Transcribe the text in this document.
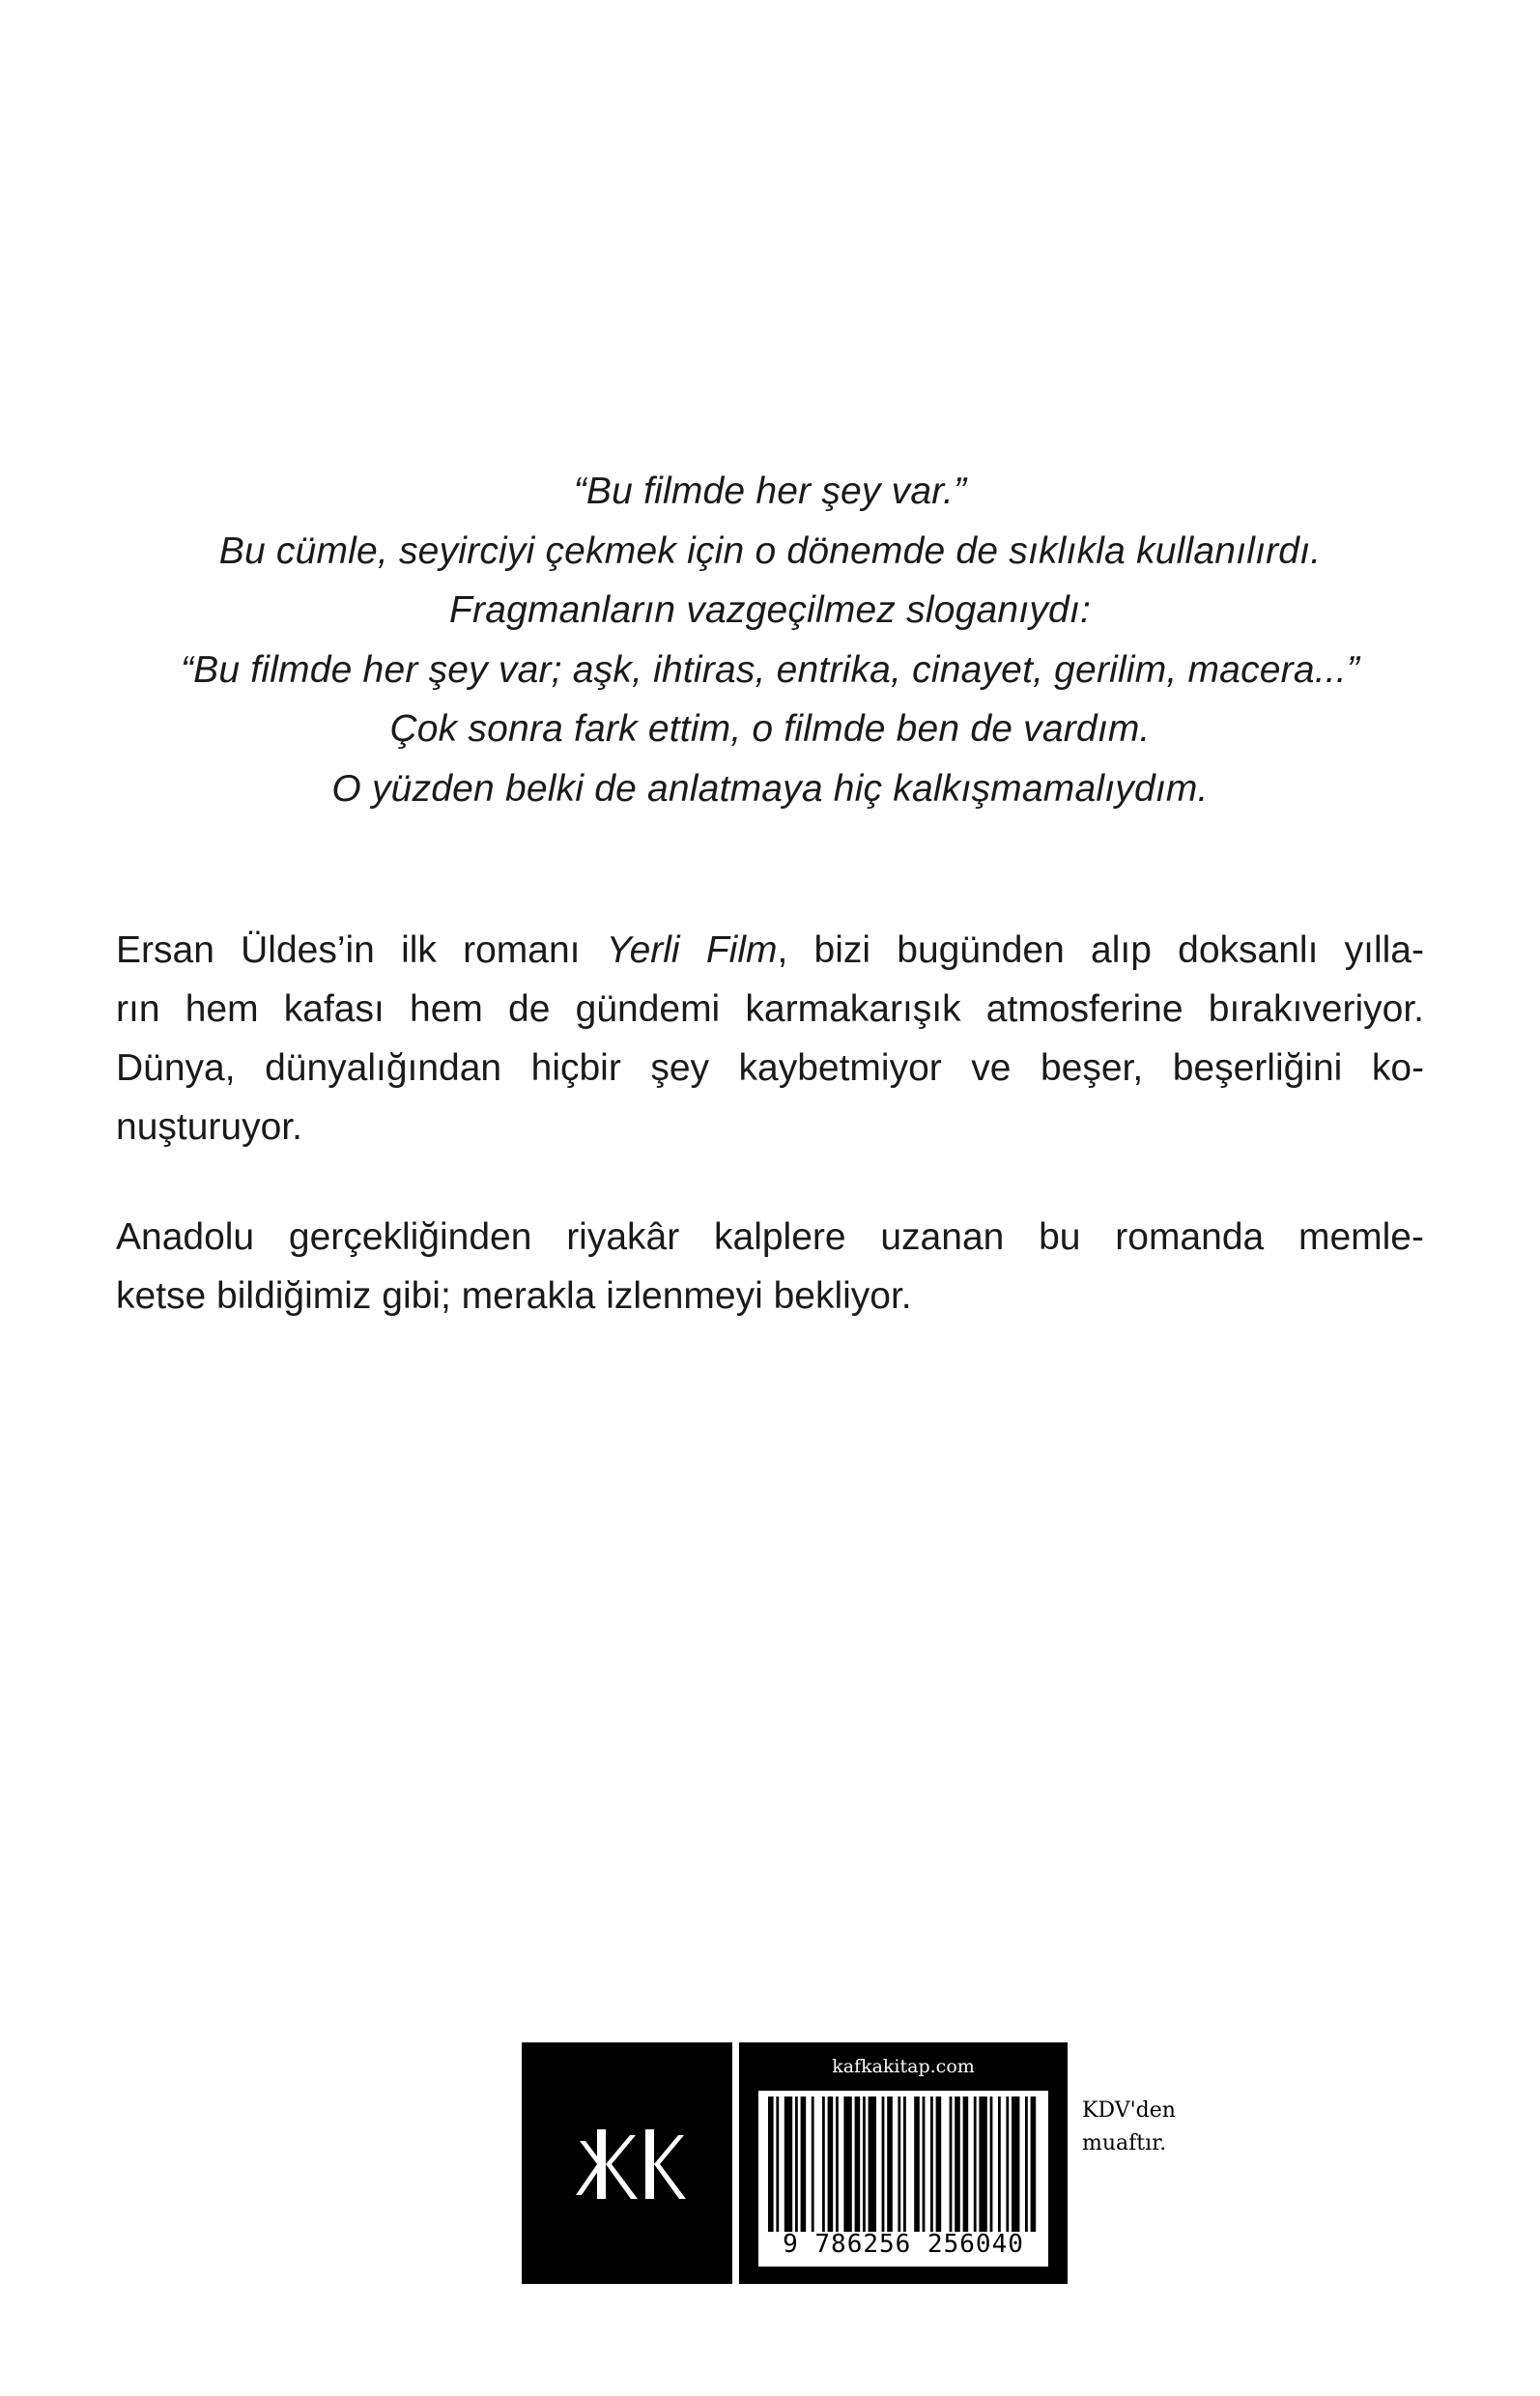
“Bu filmde her şey var.”
Bu cümle, seyirciyi çekmek için o dönemde de sıklıkla kullanılırdı.
Fragmanların vazgeçilmez sloganıydı:
“Bu filmde her şey var; aşk, ihtiras, entrika, cinayet, gerilim, macera...”
Çok sonra fark ettim, o filmde ben de vardım.
O yüzden belki de anlatmaya hiç kalkışmamalıydım.
Ersan Üldes’in ilk romanı Yerli Film, bizi bugünden alıp doksanlı yılla-
rın hem kafası hem de gündemi karmakarışık atmosferine bırakıveriyor.
Dünya, dünyalığından hiçbir şey kaybetmiyor ve beşer, beşerliğini ko-
nuşturuyor.
Anadolu gerçekliğinden riyakâr kalplere uzanan bu romanda memle-
ketse bildiğimiz gibi; merakla izlenmeyi bekliyor.
kafkakitap.com
9 786256 256040
KDV'den
muaftır.
